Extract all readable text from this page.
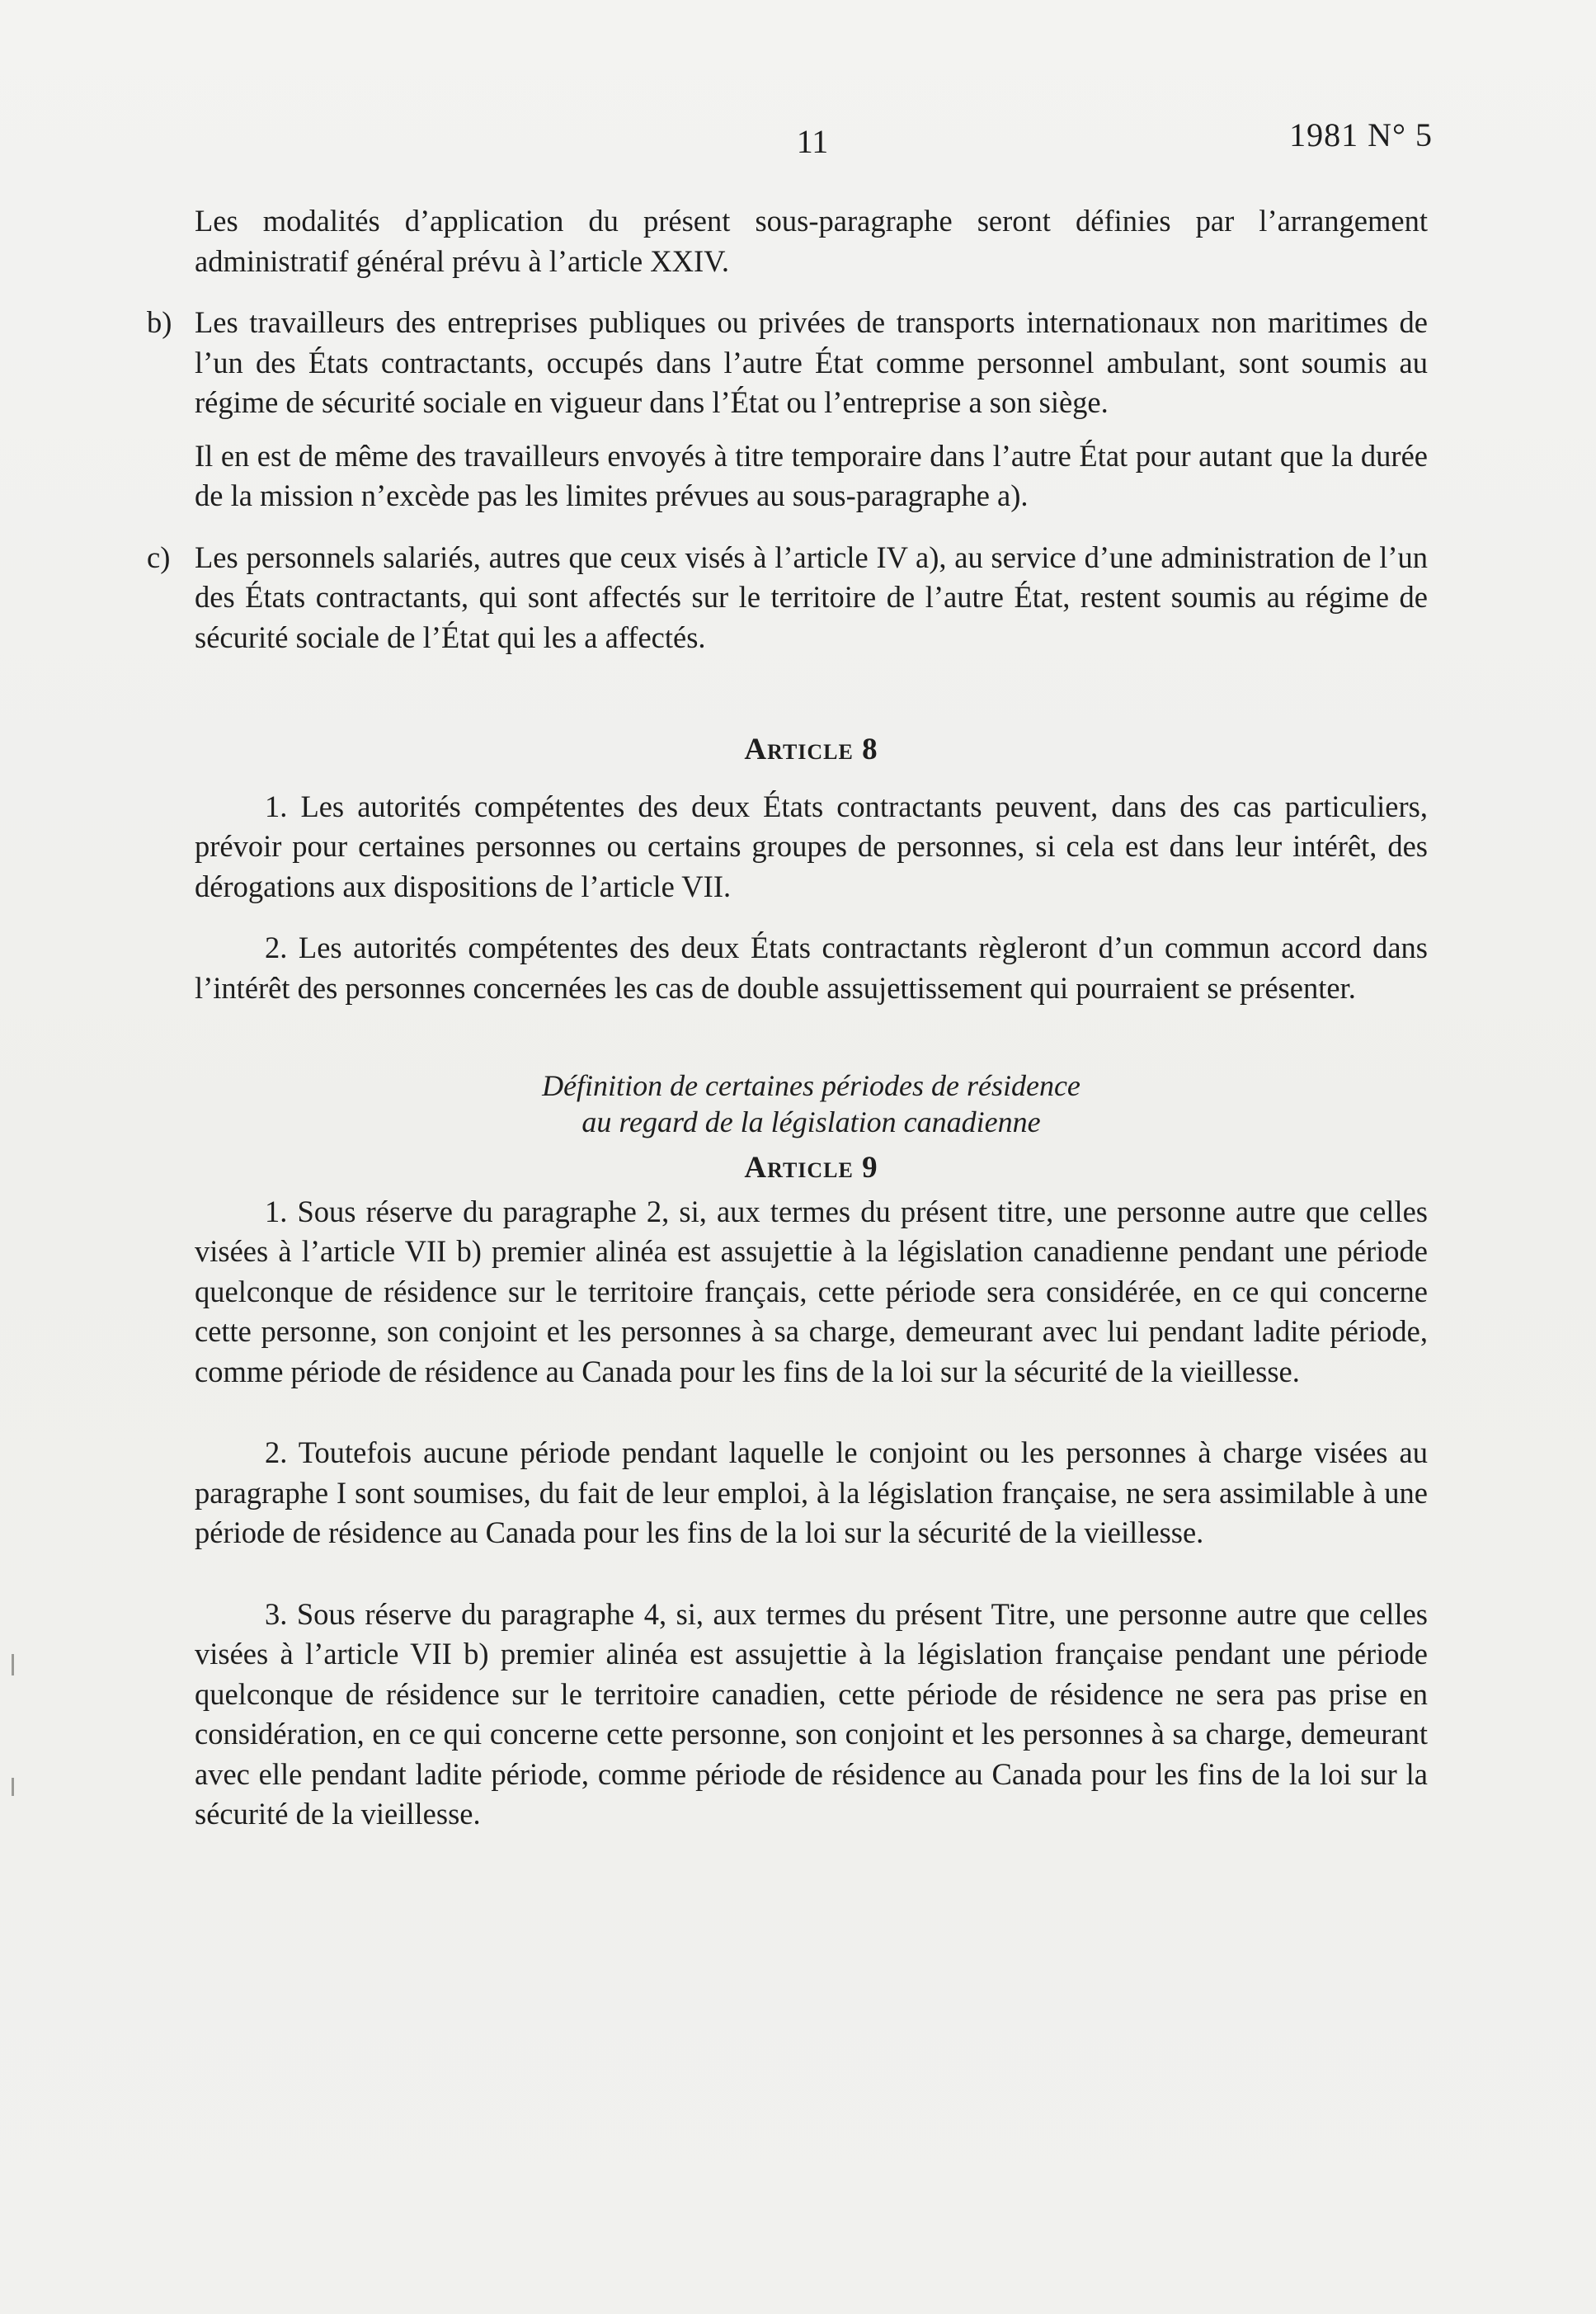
11	1981 N° 5

Les modalités d’application du présent sous-paragraphe seront définies par l’arrangement administratif général prévu à l’article XXIV.

b) Les travailleurs des entreprises publiques ou privées de transports internationaux non maritimes de l’un des États contractants, occupés dans l’autre État comme personnel ambulant, sont soumis au régime de sécurité sociale en vigueur dans l’État ou l’entreprise a son siège.

Il en est de même des travailleurs envoyés à titre temporaire dans l’autre État pour autant que la durée de la mission n’excède pas les limites prévues au sous-paragraphe a).

c) Les personnels salariés, autres que ceux visés à l’article IV a), au service d’une administration de l’un des États contractants, qui sont affectés sur le territoire de l’autre État, restent soumis au régime de sécurité sociale de l’État qui les a affectés.

Article 8

1. Les autorités compétentes des deux États contractants peuvent, dans des cas particuliers, prévoir pour certaines personnes ou certains groupes de personnes, si cela est dans leur intérêt, des dérogations aux dispositions de l’article VII.

2. Les autorités compétentes des deux États contractants règleront d’un commun accord dans l’intérêt des personnes concernées les cas de double assujettissement qui pourraient se présenter.

Définition de certaines périodes de résidence
au regard de la législation canadienne
Article 9

1. Sous réserve du paragraphe 2, si, aux termes du présent titre, une personne autre que celles visées à l’article VII b) premier alinéa est assujettie à la législation canadienne pendant une période quelconque de résidence sur le territoire français, cette période sera considérée, en ce qui concerne cette personne, son conjoint et les personnes à sa charge, demeurant avec lui pendant ladite période, comme période de résidence au Canada pour les fins de la loi sur la sécurité de la vieillesse.

2. Toutefois aucune période pendant laquelle le conjoint ou les personnes à charge visées au paragraphe I sont soumises, du fait de leur emploi, à la législation française, ne sera assimilable à une période de résidence au Canada pour les fins de la loi sur la sécurité de la vieillesse.

3. Sous réserve du paragraphe 4, si, aux termes du présent Titre, une personne autre que celles visées à l’article VII b) premier alinéa est assujettie à la législation française pendant une période quelconque de résidence sur le territoire canadien, cette période de résidence ne sera pas prise en considération, en ce qui concerne cette personne, son conjoint et les personnes à sa charge, demeurant avec elle pendant ladite période, comme période de résidence au Canada pour les fins de la loi sur la sécurité de la vieillesse.
